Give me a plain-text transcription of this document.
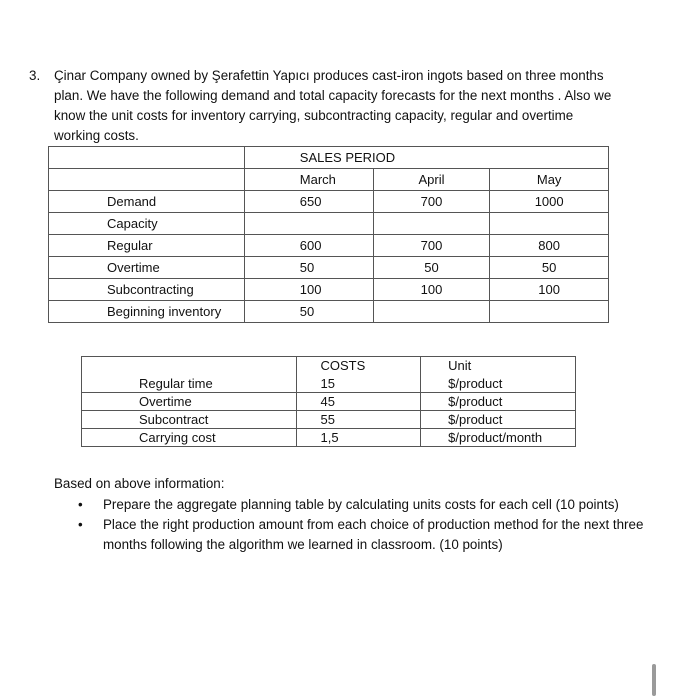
3. Çinar Company owned by Şerafettin Yapıcı produces cast-iron ingots based on three months

plan. We have the following demand and total capacity forecasts for the next months . Also we

know the unit costs for inventory carrying, subcontracting capacity, regular and overtime

working costs.

	SALES PERIOD		
	March	April	May
Demand	650	700	1000
Capacity			
Regular	600	700	800
Overtime	50	50	50
Subcontracting	100	100	100
Beginning inventory	50		
	COSTS	Unit
Regular time	15	$/product
Overtime	45	$/product
Subcontract	55	$/product
Carrying cost	1,5	$/product/month
Based on above information:
• Prepare the aggregate planning table by calculating units costs for each cell (10 points)
• Place the right production amount from each choice of production method for the next three months following the algorithm we learned in classroom. (10 points)
